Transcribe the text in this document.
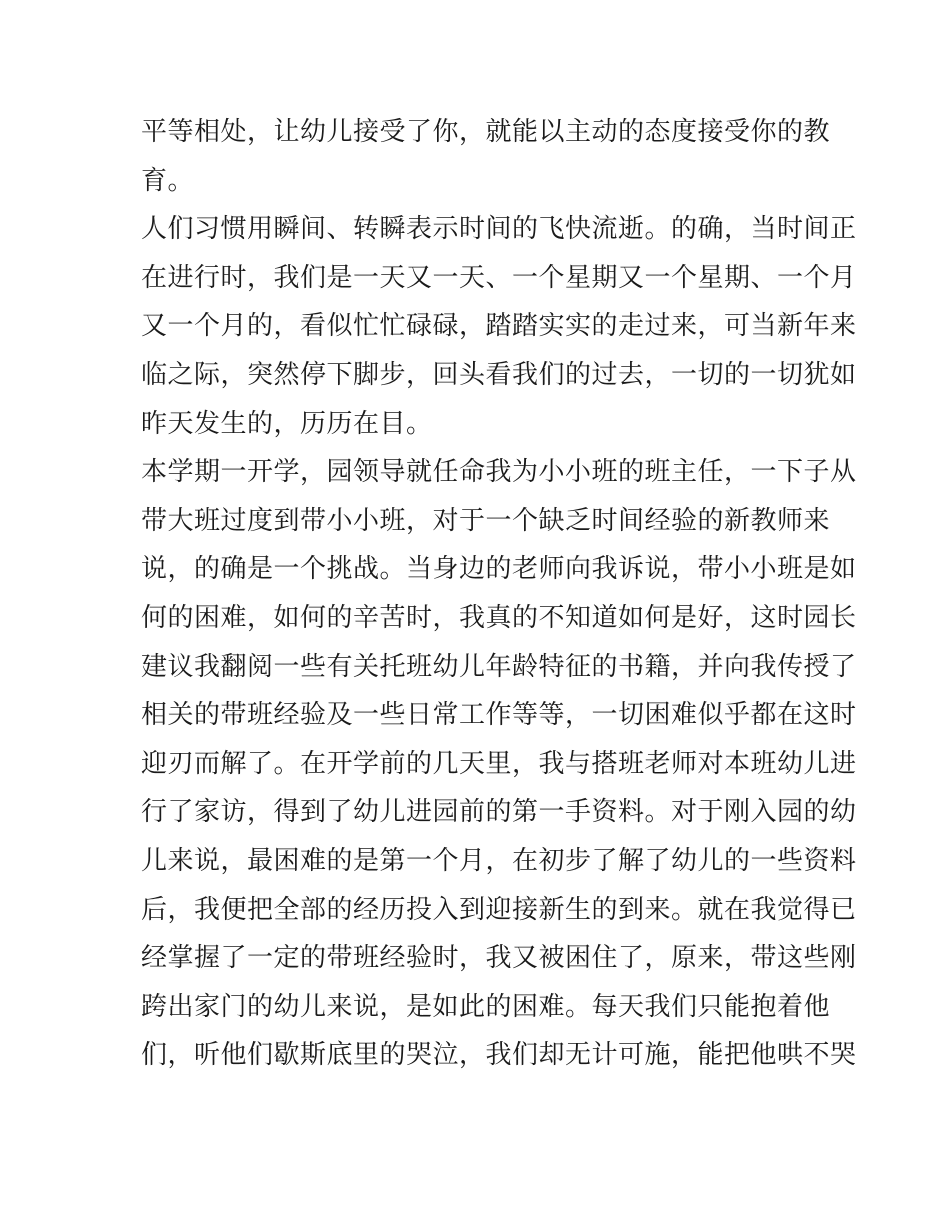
平等相处，让幼儿接受了你，就能以主动的态度接受你的教
育。
人们习惯用瞬间、转瞬表示时间的飞快流逝。的确，当时间正
在进行时，我们是一天又一天、一个星期又一个星期、一个月
又一个月的，看似忙忙碌碌，踏踏实实的走过来，可当新年来
临之际，突然停下脚步，回头看我们的过去，一切的一切犹如
昨天发生的，历历在目。
本学期一开学，园领导就任命我为小小班的班主任，一下子从
带大班过度到带小小班，对于一个缺乏时间经验的新教师来
说，的确是一个挑战。当身边的老师向我诉说，带小小班是如
何的困难，如何的辛苦时，我真的不知道如何是好，这时园长
建议我翻阅一些有关托班幼儿年龄特征的书籍，并向我传授了
相关的带班经验及一些日常工作等等，一切困难似乎都在这时
迎刃而解了。在开学前的几天里，我与搭班老师对本班幼儿进
行了家访，得到了幼儿进园前的第一手资料。对于刚入园的幼
儿来说，最困难的是第一个月，在初步了解了幼儿的一些资料
后，我便把全部的经历投入到迎接新生的到来。就在我觉得已
经掌握了一定的带班经验时，我又被困住了，原来，带这些刚
跨出家门的幼儿来说，是如此的困难。每天我们只能抱着他
们，听他们歇斯底里的哭泣，我们却无计可施，能把他哄不哭
